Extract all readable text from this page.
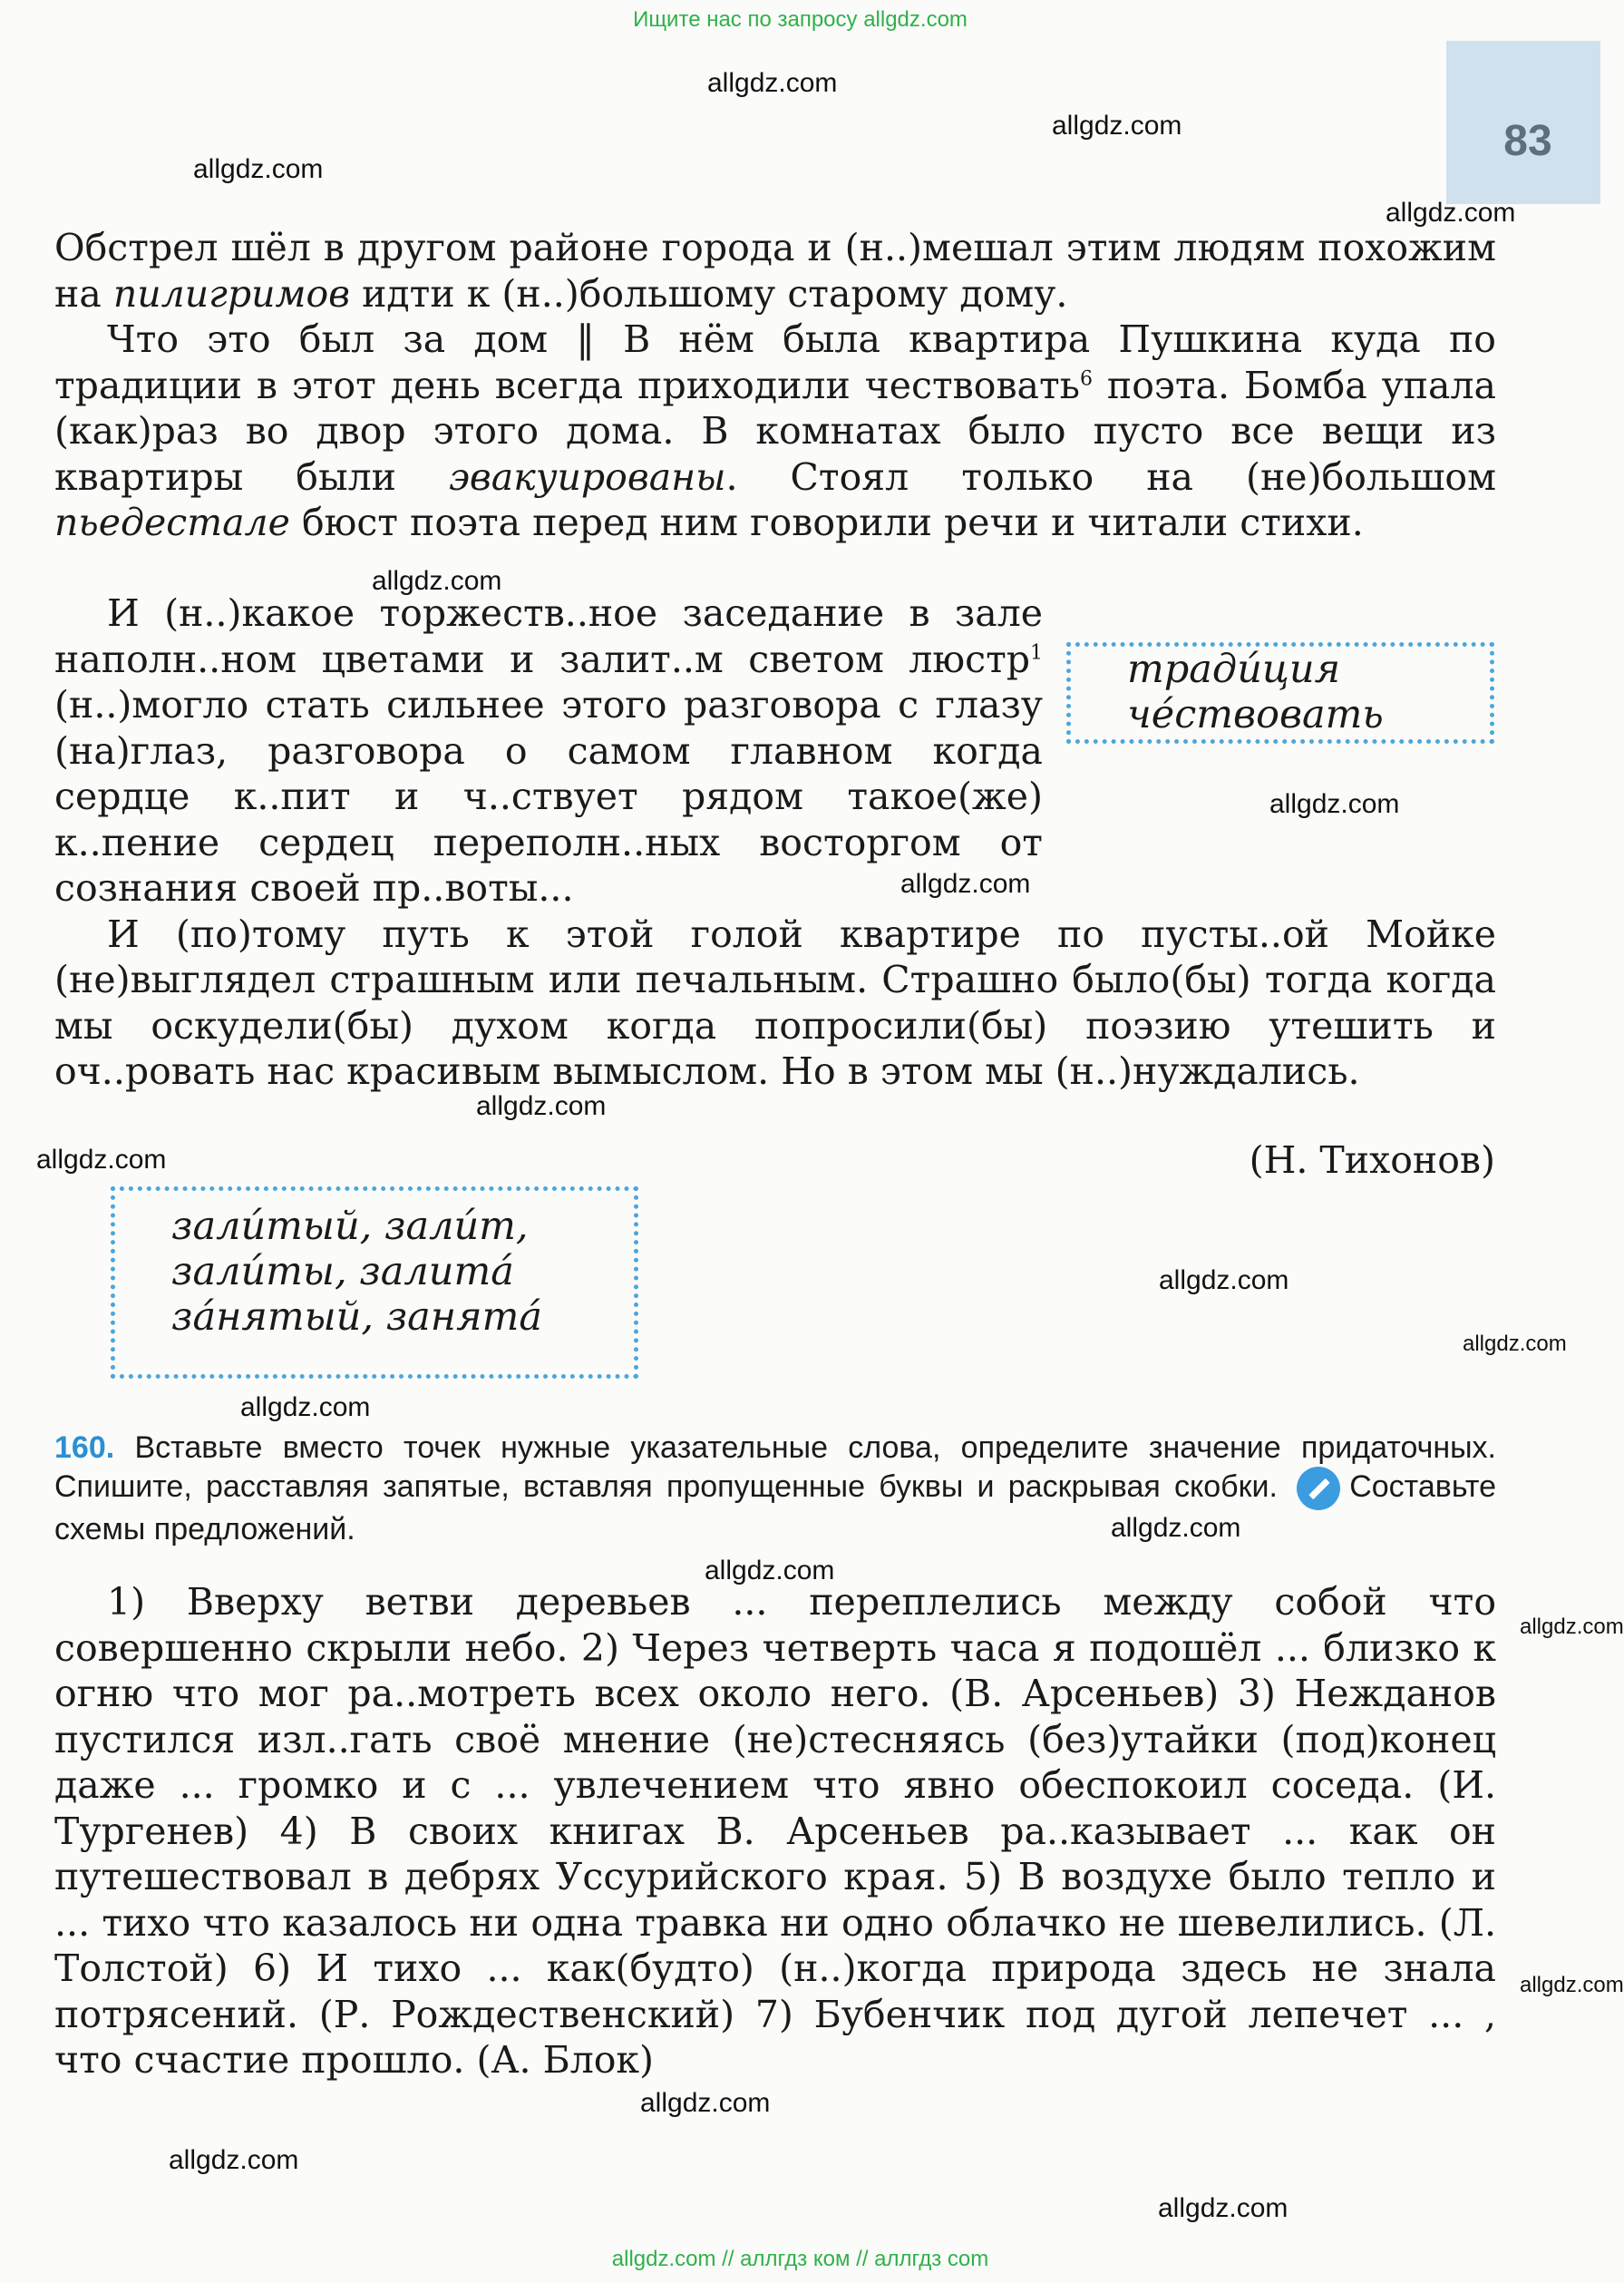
Ищите нас по запросу allgdz.com
83
allgdz.com
allgdz.com
allgdz.com
allgdz.com
allgdz.com
allgdz.com
allgdz.com
allgdz.com
allgdz.com
allgdz.com
allgdz.com
allgdz.com
allgdz.com
allgdz.com
allgdz.com
allgdz.com
allgdz.com
allgdz.com
allgdz.com

Обстрел шёл в другом районе города и (н..)мешал этим людям похожим на пилигримов идти к (н..)большому старому дому.

Что это был за дом ‖ В нём была квартира Пушкина куда по традиции в этот день всегда приходили чествовать$^6$ поэта. Бомба упала (как)раз во двор этого дома. В комнатах было пусто все вещи из квартиры были эвакуированы. Стоял только на (не)большом пьедестале бюст поэта перед ним говорили речи и читали стихи.

И (н..)какое торжеств..ное заседание в зале наполн..ном цветами и залит..м светом люстр$^1$ (н..)могло стать сильнее этого разговора с глазу (на)глаз, разговора о самом главном когда сердце к..пит и ч..ствует рядом такое(же) к..пение сердец переполн..ных восторгом от сознания своей пр..воты...

И (по)тому путь к этой голой квартире по пусты..ой Мойке (не)выглядел страшным или печальным. Страшно было(бы) тогда когда мы оскудели(бы) духом когда попросили(бы) поэзию утешить и оч..ровать нас красивым вымыслом. Но в этом мы (н..)нуждались.

тради́ция
че́ствовать
(Н. Тихонов)
зали́тый, зали́т,
зали́ты, залита́
за́нятый, занята́
160. Вставьте вместо точек нужные указательные слова, определите значение придаточных. Спишите, расставляя запятые, вставляя пропущенные буквы и раскрывая скобки. Составьте схемы предложений.

1) Вверху ветви деревьев ... переплелись между собой что совершенно скрыли небо. 2) Через четверть часа я подошёл ... близко к огню что мог ра..мотреть всех около него. (В. Арсеньев) 3) Нежданов пустился изл..гать своё мнение (не)стесняясь (без)утайки (под)конец даже ... громко и с ... увлечением что явно обеспокоил соседа. (И. Тургенев) 4) В своих книгах В. Арсеньев ра..казывает ... как он путешествовал в дебрях Уссурийского края. 5) В воздухе было тепло и ... тихо что казалось ни одна травка ни одно облачко не шевелились. (Л. Толстой) 6) И тихо ... как(будто) (н..)когда природа здесь не знала потрясений. (Р. Рождественский) 7) Бубенчик под дугой лепечет ... , что счастие прошло. (А. Блок)

allgdz.com // аллгдз ком // аллгдз com
